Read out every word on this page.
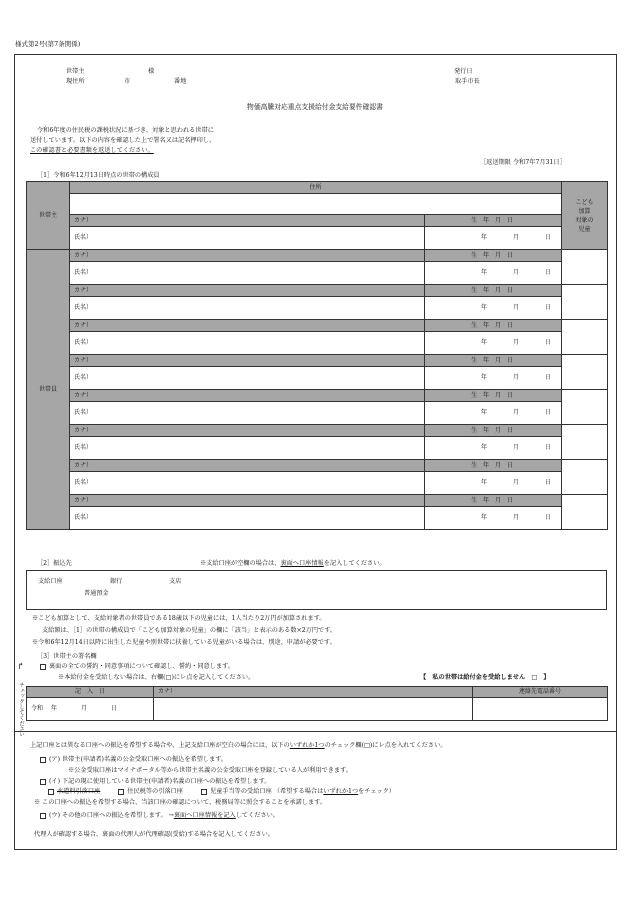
様式第2号(第7条関係)
世帯主	様
現住所	市	番地
発行日
取手市長
物価高騰対応重点支援給付金支給要件確認書
令和6年度の住民税の課税状況に基づき、対象と思われる世帯に
送付しています。以下の内容を確認した上で署名又は記名押印し、
この確認書と必要書類を返送してください。
［返送期限 令和7年7月31日］
［1］令和6年12月13日時点の世帯の構成員
世帯主	住所		こども
加算
対象の
児童

	カナ）	生 年 月 日	
	氏名）	年 月 日	

世帯員	カナ）	生 年 月 日	
	氏名）	年 月 日	

	カナ）	生 年 月 日	
	氏名）	年 月 日	

	カナ）	生 年 月 日	
	氏名）	年 月 日	

	カナ）	生 年 月 日	
	氏名）	年 月 日	

	カナ）	生 年 月 日	
	氏名）	年 月 日	

	カナ）	生 年 月 日	
	氏名）	年 月 日	

	カナ）	生 年 月 日	
	氏名）	年 月 日	

	カナ）	生 年 月 日	
	氏名）	年 月 日	
［2］振込先	※支給口座が空欄の場合は、裏面へ口座情報を記入してください。
支給口座	銀行	支店
普通預金
※こども加算として、支給対象者の世帯員である18歳以下の児童には、1人当たり2万円が加算されます。
支給額は、［1］の世帯の構成員で「こども加算対象の児童」の欄に「該当」と表示のある数×2万円です。
※令和6年12月14日以降に出生した児童や別世帯に扶養している児童がいる場合は、別途、申請が必要です。
［3］世帯主の署名欄
↱	裏面の全ての誓約・同意事項について確認し、誓約・同意します。
※本給付金を受給しない場合は、右欄(□)にレ点を記入してください。	【　私の世帯は給付金を受給しません　□　】
チェックしてください	記　入　日	カナ）	連絡先電話番号
令和 年 月 日		
上記口座とは異なる口座への振込を希望する場合や、上記支給口座が空白の場合には、以下のいずれか1つのチェック欄(□)にレ点を入れてください。
(ア) 世帯主(申請者)名義の公金受取口座への振込を希望します。
※公金受取口座はマイナポータル等から世帯主名義の公金受取口座を登録している人が利用できます。
(イ) 下記の現に使用している世帯主(申請者)名義の口座への振込を希望します。
水道料引落口座	住民税等の引落口座	児童手当等の受給口座 （希望する場合はいずれか1つをチェック）
※ この口座への振込を希望する場合、当該口座の確認について、税務局等に照会することを承諾します。
(ウ) その他の口座への振込を希望します。 →裏面へ口座情報を記入してください。
代理人が確認する場合、裏面の代理人が代理確認(受給)する場合を記入してください。
